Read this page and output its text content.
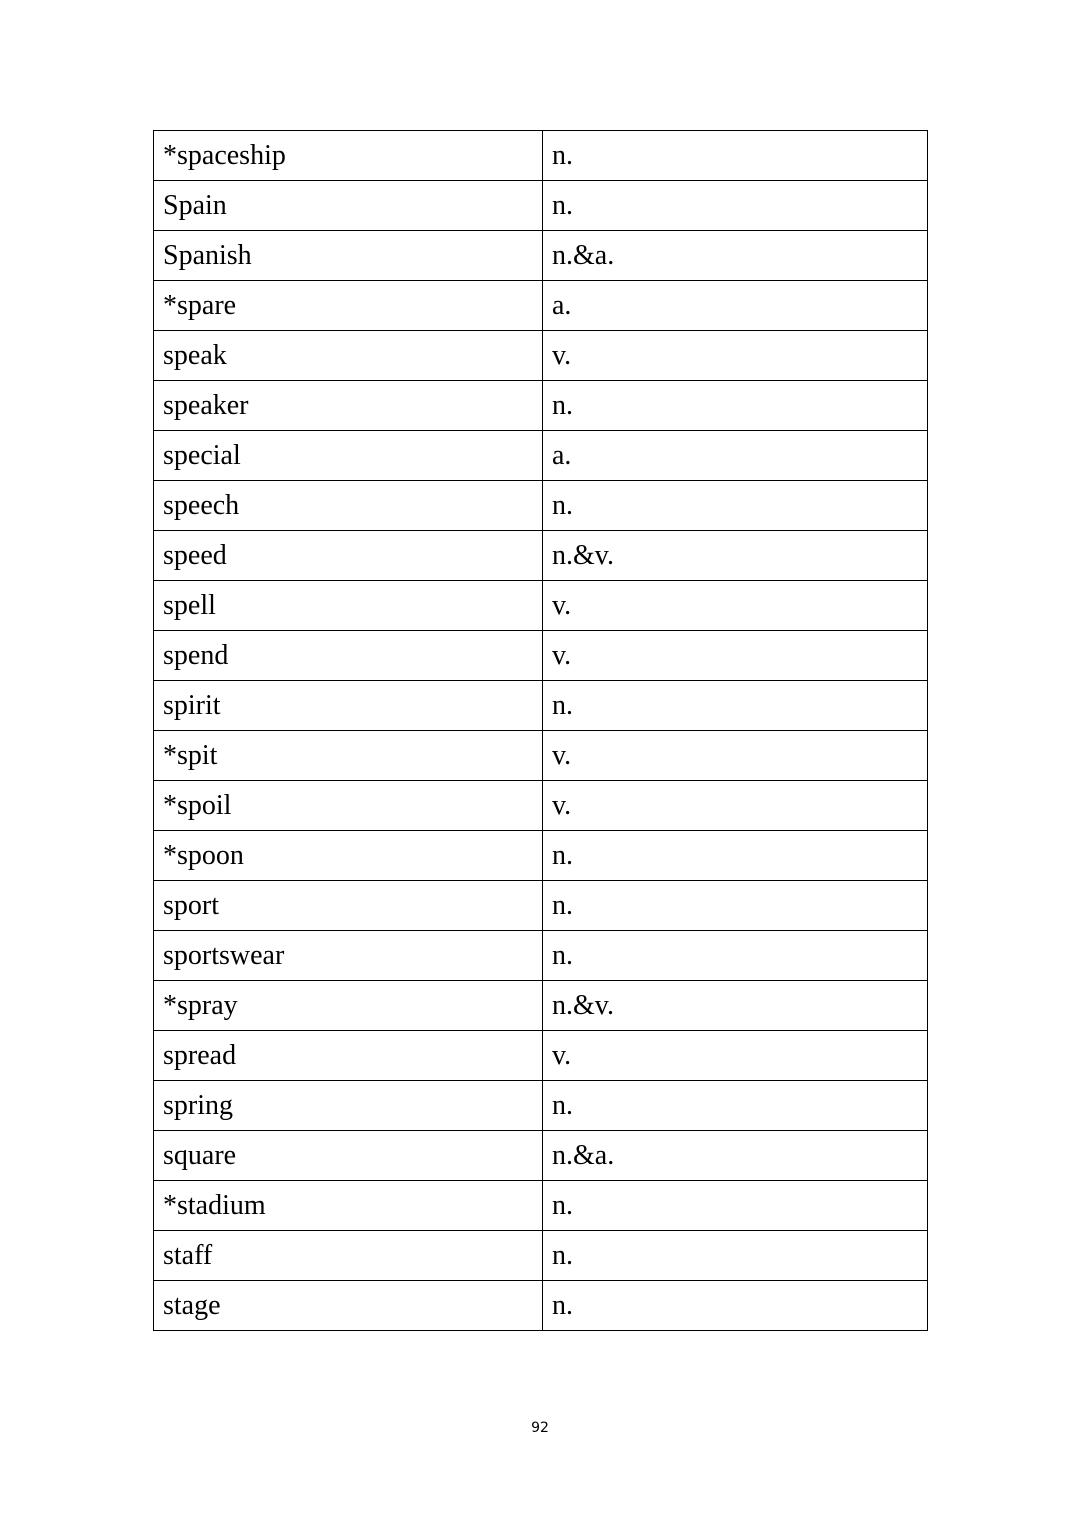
*spaceship	n.
Spain	n.
Spanish	n.&a.
*spare	a.
speak	v.
speaker	n.
special	a.
speech	n.
speed	n.&v.
spell	v.
spend	v.
spirit	n.
*spit	v.
*spoil	v.
*spoon	n.
sport	n.
sportswear	n.
*spray	n.&v.
spread	v.
spring	n.
square	n.&a.
*stadium	n.
staff	n.
stage	n.
92
